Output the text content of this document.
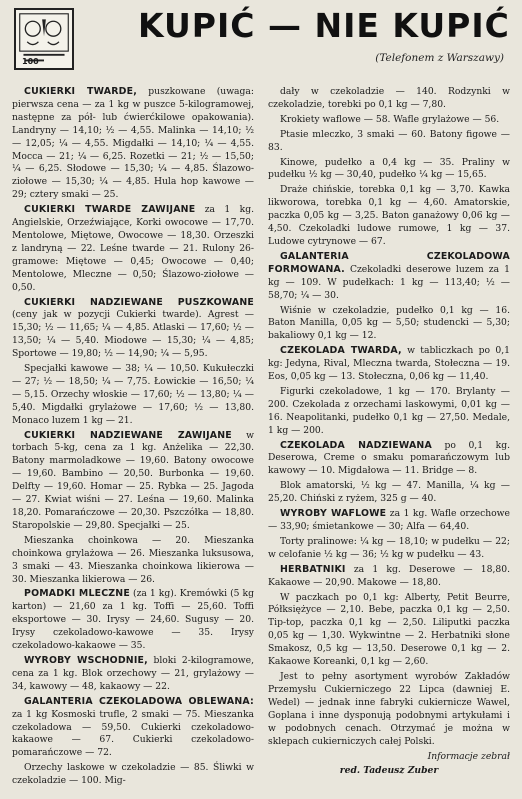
100
KUPIĆ — NIE KUPIĆ
(Telefonem z Warszawy)

CUKIERKI TWARDE, puszkowane (uwaga: pierwsza cena — za 1 kg w puszce 5-kilogramowej, następne za pół- lub ćwierćkilowe opakowania). Landryny — 14,10; ½ — 4,55. Malinka — 14,10; ½ — 12,05; ¼ — 4,55. Migdałki — 14,10; ¼ — 4,55. Mocca — 21; ¼ — 6,25. Rozetki — 21; ½ — 15,50; ¼ — 6,25. Słodowe — 15,30; ¼ — 4,85. Ślazowo-ziołowe — 15,30; ¼ — 4,85. Hula hop kawowe — 29; cztery smaki — 25.

CUKIERKI TWARDE ZAWIJANE za 1 kg. Angielskie, Orzeźwiające, Korki owocowe — 17,70. Mentolowe, Miętowe, Owocowe — 18,30. Orzeszki z landryną — 22. Leśne twarde — 21. Rulony 26-gramowe: Miętowe — 0,45; Owocowe — 0,40; Mentolowe, Mleczne — 0,50; Ślazowo-ziołowe — 0,50.

CUKIERKI NADZIEWANE PUSZKOWANE (ceny jak w pozycji Cukierki twarde). Agrest — 15,30; ½ — 11,65; ¼ — 4,85. Atlaski — 17,60; ½ — 13,50; ¼ — 5,40. Miodowe — 15,30; ¼ — 4,85; Sportowe — 19,80; ½ — 14,90; ¼ — 5,95.

Specjałki kawowe — 38; ¼ — 10,50. Kukułeczki — 27; ½ — 18,50; ¼ — 7,75. Łowickie — 16,50; ¼ — 5,15. Orzechy włoskie — 17,60; ½ — 13,80; ¼ — 5,40. Migdałki grylażowe — 17,60; ½ — 13,80. Monaco luzem 1 kg — 21.

CUKIERKI NADZIEWANE ZAWIJANE w torbach 5-kg, cena za 1 kg. Anżelika — 22,30. Batony marmoladkowe — 19,60. Batony owocowe — 19,60. Bambino — 20,50. Burbonka — 19,60. Delfty — 19,60. Homar — 25. Rybka — 25. Jagoda — 27. Kwiat wiśni — 27. Leśna — 19,60. Malinka 18,20. Pomarańczowe — 20,30. Pszczółka — 18,80. Staropolskie — 29,80. Specjałki — 25.

Mieszanka choinkowa — 20. Mieszanka choinkowa grylażowa — 26. Mieszanka luksusowa, 3 smaki — 43. Mieszanka choinkowa likierowa — 30. Mieszanka likierowa — 26.

POMADKI MLECZNE (za 1 kg). Kremówki (5 kg karton) — 21,60 za 1 kg. Toffi — 25,60. Toffi eksportowe — 30. Irysy — 24,60. Sugusy — 20. Irysy czekoladowo-kawowe — 35. Irysy czekoladowo-kakaowe — 35.

WYROBY WSCHODNIE, bloki 2-kilogramowe, cena za 1 kg. Blok orzechowy — 21, grylażowy — 34, kawowy — 48, kakaowy — 22.

GALANTERIA CZEKOLADOWA OBLEWANA: za 1 kg Kosmoski trufle, 2 smaki — 75. Mieszanka czekoladowa — 59,50. Cukierki czekoladowo-kakaowe — 67. Cukierki czekoladowo-pomarańczowe — 72.

Orzechy laskowe w czekoladzie — 85. Śliwki w czekoladzie — 100. Mig-

dały w czekoladzie — 140. Rodzynki w czekoladzie, torebki po 0,1 kg — 7,80.

Krokiety waflowe — 58. Wafle grylażowe — 56.

Ptasie mleczko, 3 smaki — 60. Batony figowe — 83.

Kinowe, pudełko a 0,4 kg — 35. Praliny w pudełku ½ kg — 30,40, pudełko ¼ kg — 15,65.

Draże chińskie, torebka 0,1 kg — 3,70. Kawka likworowa, torebka 0,1 kg — 4,60. Amatorskie, paczka 0,05 kg — 3,25. Baton ganażowy 0,06 kg — 4,50. Czekoladki ludowe rumowe, 1 kg — 37. Ludowe cytrynowe — 67.

GALANTERIA CZEKOLADOWA FORMOWANA. Czekoladki deserowe luzem za 1 kg — 109. W pudełkach: 1 kg — 113,40; ½ — 58,70; ¼ — 30.

Wiśnie w czekoladzie, pudełko 0,1 kg — 16. Baton Manilla, 0,05 kg — 5,50; studencki — 5,30; bakaliowy 0,1 kg — 12.

CZEKOLADA TWARDA, w tabliczkach po 0,1 kg: Jedyna, Rival, Mleczna twarda, Stołeczna — 19. Eos, 0,05 kg — 13. Stołeczna, 0,06 kg — 11,40.

Figurki czekoladowe, 1 kg — 170. Brylanty — 200. Czekolada z orzechami laskowymi, 0,01 kg — 16. Neapolitanki, pudełko 0,1 kg — 27,50. Medale, 1 kg — 200.

CZEKOLADA NADZIEWANA po 0,1 kg. Deserowa, Creme o smaku pomarańczowym lub kawowy — 10. Migdałowa — 11. Bridge — 8.

Blok amatorski, ½ kg — 47. Manilla, ¼ kg — 25,20. Chiński z ryżem, 325 g — 40.

WYROBY WAFLOWE za 1 kg. Wafle orzechowe — 33,90; śmietankowe — 30; Alfa — 64,40.

Torty pralinowe: ¼ kg — 18,10; w pudełku — 22; w celofanie ½ kg — 36; ½ kg w pudełku — 43.

HERBATNIKI za 1 kg. Deserowe — 18,80. Kakaowe — 20,90. Makowe — 18,80.

W paczkach po 0,1 kg: Alberty, Petit Beurre, Półksiężyce — 2,10. Bebe, paczka 0,1 kg — 2,50. Tip-top, paczka 0,1 kg — 2,50. Liliputki paczka 0,05 kg — 1,30. Wykwintne — 2. Herbatniki słone Smakosz, 0,5 kg — 13,50. Deserowe 0,1 kg — 2. Kakaowe Koreanki, 0,1 kg — 2,60.

Jest to pełny asortyment wyrobów Zakładów Przemysłu Cukierniczego 22 Lipca (dawniej E. Wedel) — jednak inne fabryki cukiernicze Wawel, Goplana i inne dysponują podobnymi artykułami i w podobnych cenach. Otrzymać je można w sklepach cukierniczych całej Polski.

Informacje zebrał
red. Tadeusz Zuber
